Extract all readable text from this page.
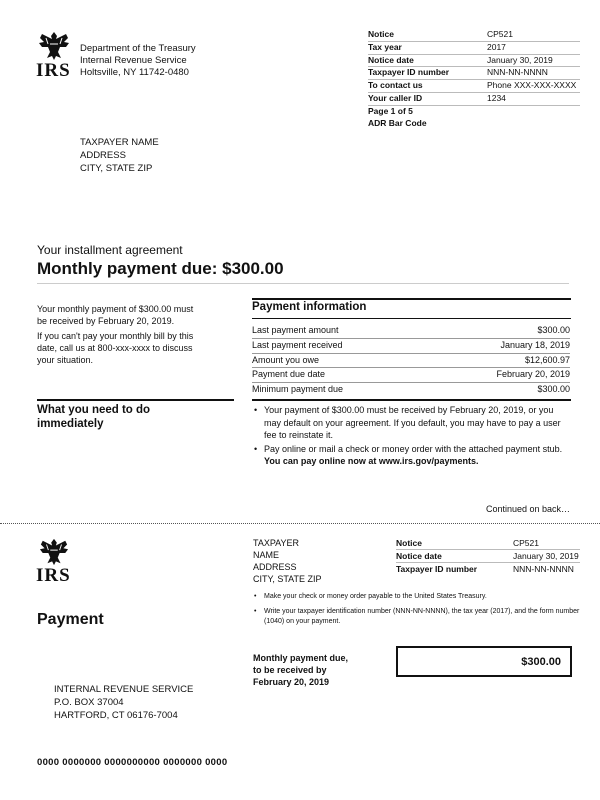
IRS
Department of the Treasury
Internal Revenue Service
Holtsville, NY 11742-0480
Notice	CP521
Tax year	2017
Notice date	January 30, 2019
Taxpayer ID number	NNN-NN-NNNN
To contact us	Phone XXX-XXX-XXXX
Your caller ID	1234
Page 1 of 5
ADR Bar Code
TAXPAYER NAME
ADDRESS
CITY, STATE ZIP
Your installment agreement
Monthly payment due: $300.00
Your monthly payment of $300.00 must be received by February 20, 2019.
If you can't pay your monthly bill by this date, call us at 800-xxx-xxxx to discuss your situation.
Payment information
Last payment amount	$300.00
Last payment received	January 18, 2019
Amount you owe	$12,600.97
Payment due date	February 20, 2019
Minimum payment due	$300.00
What you need to do immediately
• Your payment of $300.00 must be received by February 20, 2019, or you may default on your agreement. If you default, you may have to pay a user fee to reinstate it.
• Pay online or mail a check or money order with the attached payment stub. You can pay online now at www.irs.gov/payments.
Continued on back…
IRS
TAXPAYER
NAME
ADDRESS
CITY, STATE ZIP
Notice	CP521
Notice date	January 30, 2019
Taxpayer ID number	NNN-NN-NNNN
• Make your check or money order payable to the United States Treasury.
• Write your taxpayer identification number (NNN-NN-NNNN), the tax year (2017), and the form number (1040) on your payment.
Payment
Monthly payment due,
to be received by
February 20, 2019
$300.00
INTERNAL REVENUE SERVICE
P.O. BOX 37004
HARTFORD, CT 06176-7004
0000 0000000 0000000000 0000000 0000
